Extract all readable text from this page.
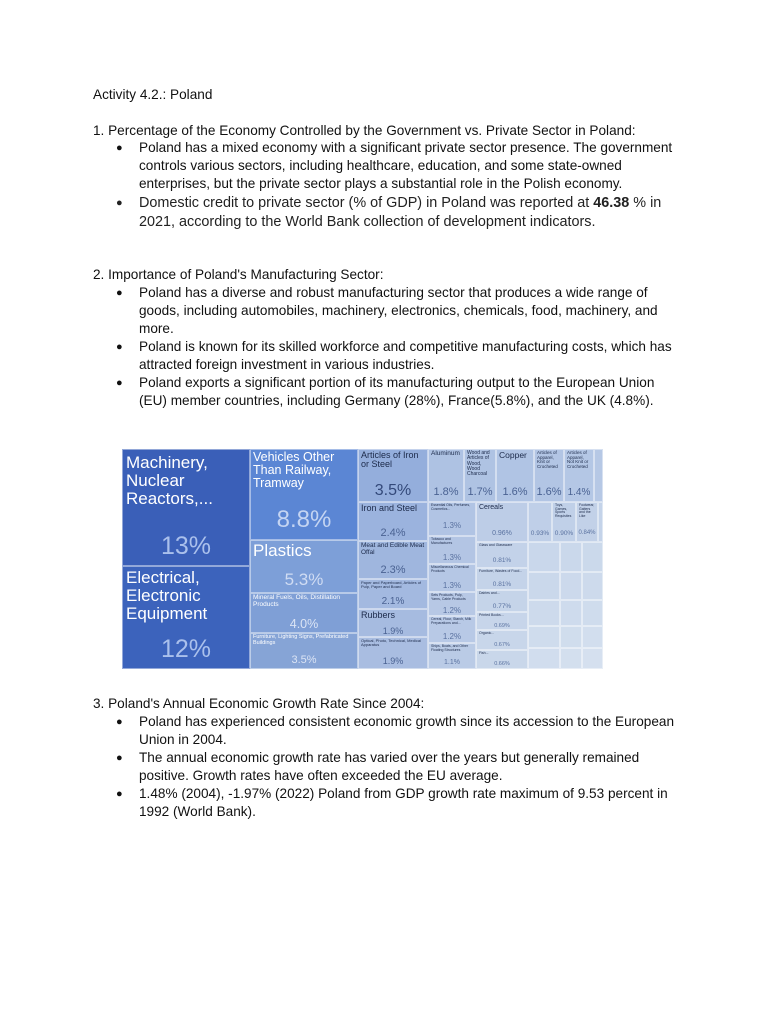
Activity 4.2.: Poland
1. Percentage of the Economy Controlled by the Government vs. Private Sector in Poland:
● Poland has a mixed economy with a significant private sector presence. The government controls various sectors, including healthcare, education, and some state-owned enterprises, but the private sector plays a substantial role in the Polish economy.
● Domestic credit to private sector (% of GDP) in Poland was reported at 46.38 % in 2021, according to the World Bank collection of development indicators.
2. Importance of Poland's Manufacturing Sector:
● Poland has a diverse and robust manufacturing sector that produces a wide range of goods, including automobiles, machinery, electronics, chemicals, food, machinery, and more.
● Poland is known for its skilled workforce and competitive manufacturing costs, which has attracted foreign investment in various industries.
● Poland exports a significant portion of its manufacturing output to the European Union (EU) member countries, including Germany (28%), France(5.8%), and the UK (4.8%).
3. Poland's Annual Economic Growth Rate Since 2004:
Machinery, Nuclear Reactors,...
13%
Electrical, Electronic Equipment
12%
Vehicles Other Than Railway, Tramway
8.8%
Plastics
5.3%
Mineral Fuels, Oils, Distillation Products
4.0%
Furniture, Lighting Signs, Prefabricated Buildings
3.5%
Articles of Iron or Steel
3.5%
Iron and Steel
2.4%
Meat and Edible Meat Offal
2.3%
Paper and Paperboard, Articles of Pulp, Paper and Board
2.1%
Rubbers
1.9%
Optical, Photo, Technical, Medical Apparatus
1.9%
Aluminum
1.8%
Essential Oils, Perfumes, Cosmetics...
1.3%
Tobacco and Manufactures
1.3%
Miscellaneous Chemical Products
1.3%
Sets Products, Pulp, Yarns, Cable Products
1.2%
Cereal, Flour, Starch, Milk Preparations and...
1.2%
Ships, Boats, and Other Floating Structures
1.1%
Wood and Articles of Wood, Wood Charcoal
1.7%
Copper
1.6%
Articles of Apparel, Knit or Crocheted
1.6%
Articles of Apparel, Not Knit or Crocheted
1.4%
Cereals
0.96%	0.93%
Toys, Games, Sports Requisites
0.90%
Footwear, Gaiters and the Like
0.84%
Glass and Glassware
0.81%
Furniture, Wastes of Food...
0.81%
Dairies and...
0.77%
Printed Books...
0.69%
Organic...
0.67%
Fish...
0.66%
● Poland has experienced consistent economic growth since its accession to the European Union in 2004.
● The annual economic growth rate has varied over the years but generally remained positive. Growth rates have often exceeded the EU average.
● 1.48% (2004), -1.97% (2022) Poland from GDP growth rate maximum of 9.53 percent in 1992 (World Bank).
